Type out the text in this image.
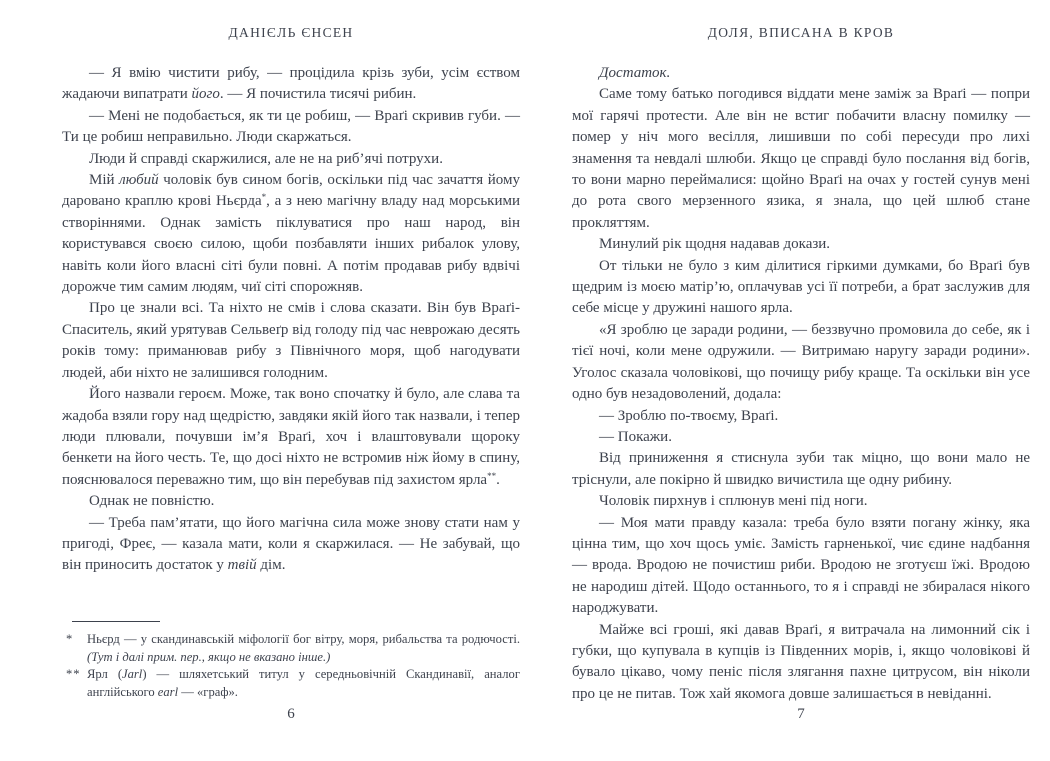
ДАНІЄЛЬ ЄНСЕН

— Я вмію чистити рибу, — процідила крізь зуби, усім єством жадаючи випатрати його. — Я почистила тисячі рибин.

— Мені не подобається, як ти це робиш, — Враґі скривив губи. — Ти це робиш неправильно. Люди скаржаться.

Люди й справді скаржилися, але не на риб’ячі потрухи.

Мій любий чоловік був сином богів, оскільки під час зачаття йому даровано краплю крові Ньєрда*, а з нею магічну владу над морськими створіннями. Однак замість піклуватися про наш народ, він користувався своєю силою, щоби позбавляти інших рибалок улову, навіть коли його власні сіті були повні. А потім продавав рибу вдвічі дорожче тим самим людям, чиї сіті спорожняв.

Про це знали всі. Та ніхто не смів і слова сказати. Він був Враґі-Спаситель, який урятував Сельвеґр від голоду під час неврожаю десять років тому: приманював рибу з Північного моря, щоб нагодувати людей, аби ніхто не залишився голодним.

Його назвали героєм. Може, так воно спочатку й було, але слава та жадоба взяли гору над щедрістю, завдяки якій його так назвали, і тепер люди плювали, почувши ім’я Враґі, хоч і влаштовували щороку бенкети на його честь. Те, що досі ніхто не встромив ніж йому в спину, пояснювалося переважно тим, що він перебував під захистом ярла**.

Однак не повністю.

— Треба пам’ятати, що його магічна сила може знову стати нам у пригоді, Фреє, — казала мати, коли я скаржилася. — Не забувай, що він приносить достаток у твій дім.

*	Ньєрд — у скандинавській міфології бог вітру, моря, рибальства та родючості. (Тут і далі прим. пер., якщо не вказано інше.)
** Ярл (Jarl) — шляхетський титул у середньовічній Скандинавії, аналог англійського earl — «граф».
6
ДОЛЯ, ВПИСАНА В КРОВ

Достаток.

Саме тому батько погодився віддати мене заміж за Враґі — попри мої гарячі протести. Але він не встиг побачити власну помилку — помер у ніч мого весілля, лишивши по собі пересуди про лихі знамення та невдалі шлюби. Якщо це справді було послання від богів, то вони марно переймалися: щойно Враґі на очах у гостей сунув мені до рота свого мерзенного язика, я знала, що цей шлюб стане прокляттям.

Минулий рік щодня надавав докази.

От тільки не було з ким ділитися гіркими думками, бо Враґі був щедрим із моєю матір’ю, оплачував усі її потреби, а брат заслужив для себе місце у дружині нашого ярла.

«Я зроблю це заради родини, — беззвучно промовила до себе, як і тієї ночі, коли мене одружили. — Витримаю наругу заради родини». Уголос сказала чоловікові, що почищу рибу краще. Та оскільки він усе одно був незадоволений, додала:

— Зроблю по-твоєму, Враґі.

— Покажи.

Від приниження я стиснула зуби так міцно, що вони мало не тріснули, але покірно й швидко вичистила ще одну рибину.

Чоловік пирхнув і сплюнув мені під ноги.

— Моя мати правду казала: треба було взяти погану жінку, яка цінна тим, що хоч щось уміє. Замість гарненької, чиє єдине надбання — врода. Вродою не почистиш риби. Вродою не зготуєш їжі. Вродою не народиш дітей. Щодо останнього, то я і справді не збиралася нікого народжувати.

Майже всі гроші, які давав Враґі, я витрачала на лимонний сік і губки, що купувала в купців із Південних морів, і, якщо чоловікові й бувало цікаво, чому пеніс після злягання пахне цитрусом, він ніколи про це не питав. Тож хай якомога довше залишається в невіданні.

7
